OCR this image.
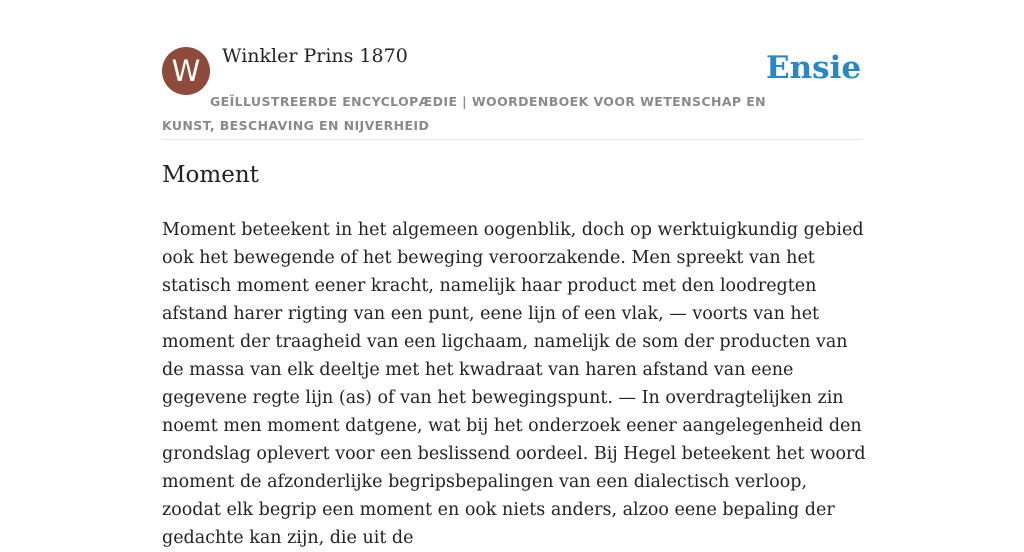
W	Winkler Prins 1870	Ensie
GEÏLLUSTREERDE ENCYCLOPÆDIE | WOORDENBOEK VOOR WETENSCHAP EN KUNST, BESCHAVING EN NIJVERHEID
Moment

Moment beteekent in het algemeen oogenblik, doch op werktuigkundig gebied ook het bewegende of het beweging veroorzakende. Men spreekt van het statisch moment eener kracht, namelijk haar product met den loodregten afstand harer rigting van een punt, eene lijn of een vlak, — voorts van het moment der traagheid van een ligchaam, namelijk de som der producten van de massa van elk deeltje met het kwadraat van haren afstand van eene gegevene regte lijn (as) of van het bewegingspunt. — In overdragtelijken zin noemt men moment datgene, wat bij het onderzoek eener aangelegenheid den grondslag oplevert voor een beslissend oordeel. Bij Hegel beteekent het woord moment de afzonderlijke begripsbepalingen van een dialectisch verloop, zoodat elk begrip een moment en ook niets anders, alzoo eene bepaling der gedachte kan zijn, die uit de
